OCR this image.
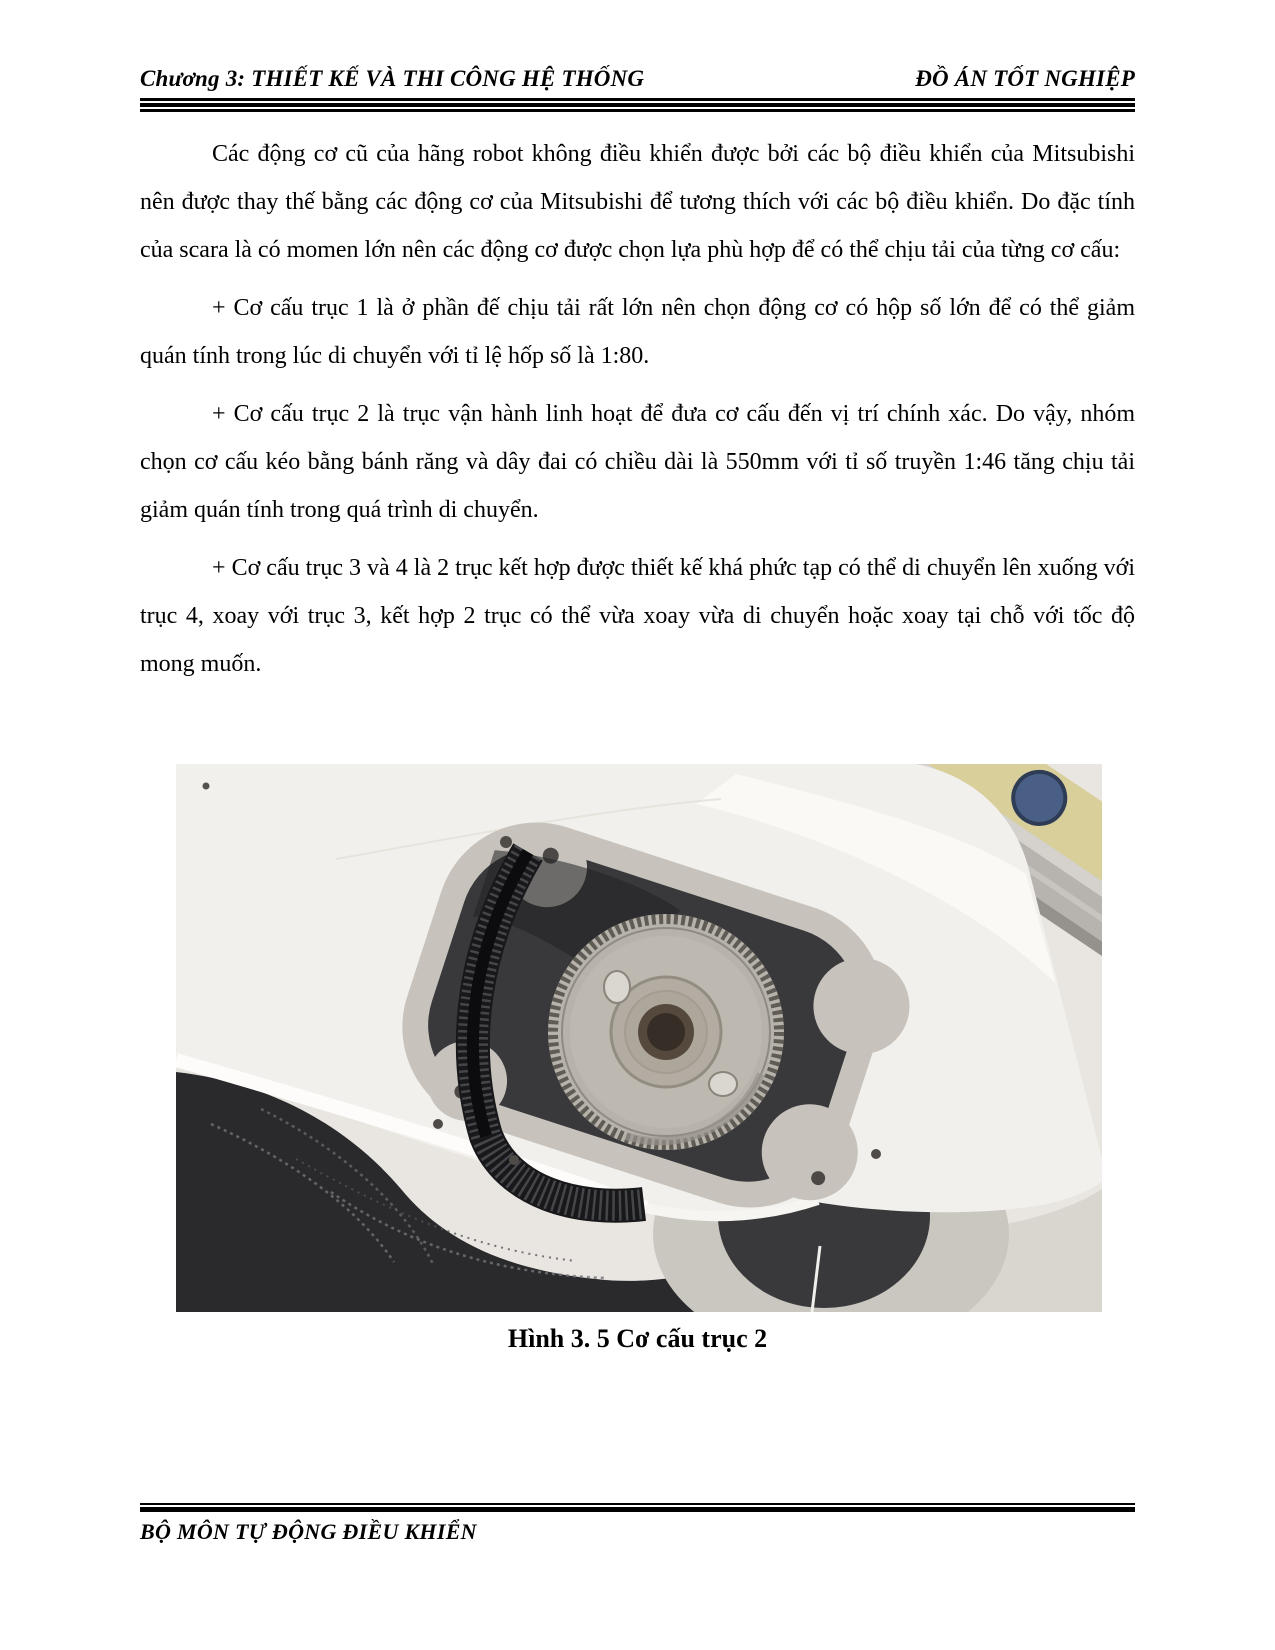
Chương 3: THIẾT KẾ VÀ THI CÔNG HỆ THỐNG	ĐỒ ÁN TỐT NGHIỆP

Các động cơ cũ của hãng robot không điều khiển được bởi các bộ điều khiển của Mitsubishi nên được thay thế bằng các động cơ của Mitsubishi để tương thích với các bộ điều khiển. Do đặc tính của scara là có momen lớn nên các động cơ được chọn lựa phù hợp để có thể chịu tải của từng cơ cấu:

+ Cơ cấu trục 1 là ở phần đế chịu tải rất lớn nên chọn động cơ có hộp số lớn để có thể giảm quán tính trong lúc di chuyển với tỉ lệ hốp số là 1:80.

+ Cơ cấu trục 2 là trục vận hành linh hoạt để đưa cơ cấu đến vị trí chính xác. Do vậy, nhóm chọn cơ cấu kéo bằng bánh răng và dây đai có chiều dài là 550mm với tỉ số truyền 1:46 tăng chịu tải giảm quán tính trong quá trình di chuyển.

+ Cơ cấu trục 3 và 4 là 2 trục kết hợp được thiết kế khá phức tạp có thể di chuyển lên xuống với trục 4, xoay với trục 3, kết hợp 2 trục có thể vừa xoay vừa di chuyển hoặc xoay tại chỗ với tốc độ mong muốn.

Hình 3. 5 Cơ cấu trục 2
BỘ MÔN TỰ ĐỘNG ĐIỀU KHIỂN
